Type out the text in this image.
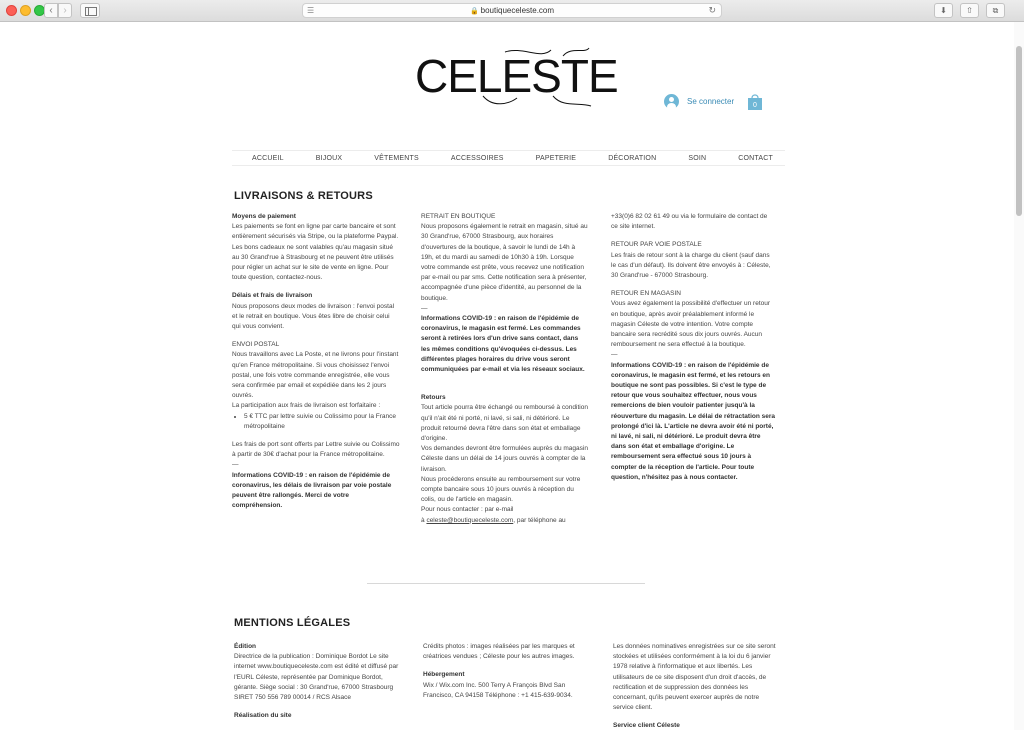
‹	›	☰	🔒 boutiqueceleste.com	↻	⬇	⇧	⧉
CELESTE	Se connecter	0
ACCUEIL	BIJOUX	VÊTEMENTS	ACCESSOIRES	PAPETERIE	DÉCORATION	SOIN	CONTACT
LIVRAISONS & RETOURS

Moyens de paiement

Les paiements se font en ligne par carte bancaire et sont entièrement sécurisés via Stripe, ou la plateforme Paypal. Les bons cadeaux ne sont valables qu'au magasin situé au 30 Grand'rue à Strasbourg et ne peuvent être utilisés pour régler un achat sur le site de vente en ligne. Pour toute question, contactez-nous.

Délais et frais de livraison

Nous proposons deux modes de livraison : l'envoi postal et le retrait en boutique. Vous êtes libre de choisir celui qui vous convient.

ENVOI POSTAL

Nous travaillons avec La Poste, et ne livrons pour l'instant qu'en France métropolitaine. Si vous choisissez l'envoi postal, une fois votre commande enregistrée, elle vous sera confirmée par email et expédiée dans les 2 jours ouvrés.

La participation aux frais de livraison est forfaitaire :

• 5 € TTC par lettre suivie ou Colissimo pour la France métropolitaine

Les frais de port sont offerts par Lettre suivie ou Colissimo à partir de 30€ d'achat pour la France métropolitaine.

—

Informations COVID-19 : en raison de l'épidémie de coronavirus, les délais de livraison par voie postale peuvent être rallongés. Merci de votre compréhension.

RETRAIT EN BOUTIQUE

Nous proposons également le retrait en magasin, situé au 30 Grand'rue, 67000 Strasbourg, aux horaires d'ouvertures de la boutique, à savoir le lundi de 14h à 19h, et du mardi au samedi de 10h30 à 19h. Lorsque votre commande est prête, vous recevez une notification par e-mail ou par sms. Cette notification sera à présenter, accompagnée d'une pièce d'identité, au personnel de la boutique.

—

Informations COVID-19 : en raison de l'épidémie de coronavirus, le magasin est fermé. Les commandes seront à retirées lors d'un drive sans contact, dans les mêmes conditions qu'évoquées ci-dessus. Les différentes plages horaires du drive vous seront communiquées par e-mail et via les réseaux sociaux.

Retours

Tout article pourra être échangé ou remboursé à condition qu'il n'ait été ni porté, ni lavé, si sali, ni détérioré. Le produit retourné devra l'être dans son état et emballage d'origine.

Vos demandes devront être formulées auprès du magasin Céleste dans un délai de 14 jours ouvrés à compter de la livraison.

Nous procéderons ensuite au remboursement sur votre compte bancaire sous 10 jours ouvrés à réception du colis, ou de l'article en magasin.

Pour nous contacter : par e-mail

à celeste@boutiqueceleste.com, par téléphone au

+33(0)6 82 02 61 49 ou via le formulaire de contact de ce site internet.

RETOUR PAR VOIE POSTALE

Les frais de retour sont à la charge du client (sauf dans le cas d'un défaut). Ils doivent être envoyés à : Céleste, 30 Grand'rue - 67000 Strasbourg.

RETOUR EN MAGASIN

Vous avez également la possibilité d'effectuer un retour en boutique, après avoir préalablement informé le magasin Céleste de votre intention. Votre compte bancaire sera recrédité sous dix jours ouvrés. Aucun remboursement ne sera effectué à la boutique.

—

Informations COVID-19 : en raison de l'épidémie de coronavirus, le magasin est fermé, et les retours en boutique ne sont pas possibles. Si c'est le type de retour que vous souhaitez effectuer, nous vous remercions de bien vouloir patienter jusqu'à la réouverture du magasin. Le délai de rétractation sera prolongé d'ici là. L'article ne devra avoir été ni porté, ni lavé, ni sali, ni détérioré. Le produit devra être dans son état et emballage d'origine. Le remboursement sera effectué sous 10 jours à compter de la réception de l'article. Pour toute question, n'hésitez pas à nous contacter.

MENTIONS LÉGALES

Édition

Directrice de la publication : Dominique Bordot Le site internet www.boutiqueceleste.com est édité et diffusé par l'EURL Céleste, représentée par Dominique Bordot, gérante. Siège social : 30 Grand'rue, 67000 Strasbourg SIRET 750 556 789 00014 / RCS Alsace

Réalisation du site

Crédits photos : images réalisées par les marques et créatrices vendues ; Céleste pour les autres images.

Hébergement

Wix / Wix.com Inc. 500 Terry A François Blvd San Francisco, CA 94158 Téléphone : +1 415-639-9034.

Les données nominatives enregistrées sur ce site seront stockées et utilisées conformément à la loi du 6 janvier 1978 relative à l'informatique et aux libertés. Les utilisateurs de ce site disposent d'un droit d'accès, de rectification et de suppression des données les concernant, qu'ils peuvent exercer auprès de notre service client.

Service client Céleste
